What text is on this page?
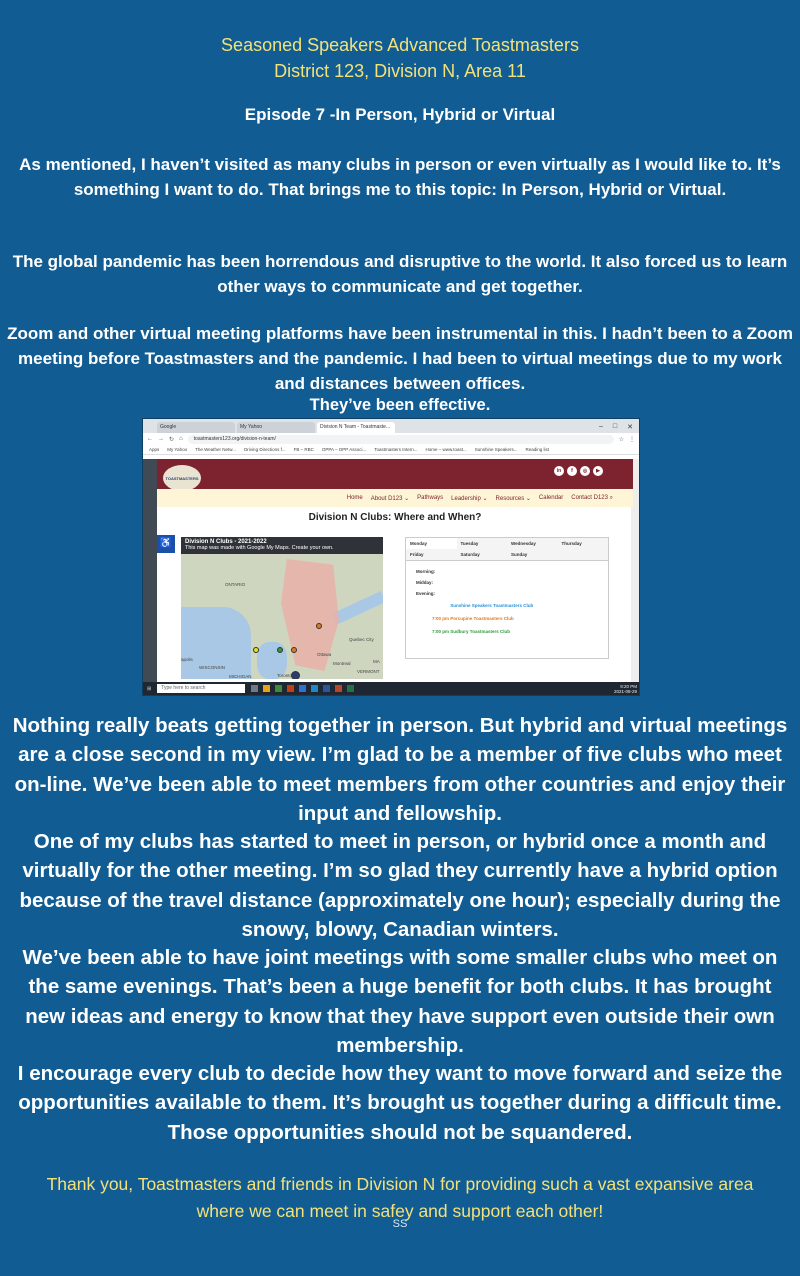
Seasoned Speakers Advanced Toastmasters
District 123, Division N, Area 11
Episode 7 -In Person, Hybrid or Virtual
As mentioned, I haven’t visited as many clubs in person or even virtually as I would like to. It’s something I want to do. That brings me to this topic: In Person, Hybrid or Virtual.
The global pandemic has been horrendous and disruptive to the world. It also forced us to learn other ways to communicate and get together.
Zoom and other virtual meeting platforms have been instrumental in this. I hadn’t been to a Zoom meeting before Toastmasters and the pandemic. I had been to virtual meetings due to my work and distances between offices.
They’ve been effective.
Google	My Yahoo	Division N Team - Toastmaste...	– □ ✕
← → ↻ ⌂	toastmasters123.org/division-n-team/	☆ ⋮
Apps My Yahoo The Weather Netw... Driving Directions f... FB – RBC OPPA – OPP Associ... Toastmasters Intern... Home – www.toast... Sunshine Speakers... Reading list
TOASTMASTERS
in	f	◎	▶
Home About D123 ⌄ Pathways Leadership ⌄ Resources ⌄ Calendar Contact D123 ⌕
Division N Clubs: Where and When?
♿	Division N Clubs - 2021-2022
This map was made with Google My Maps. Create your own.
ONTARIO
Quebec City
Ottawa
Montreal
Toronto
WISCONSIN
MICHIGAN
VERMONT
apolis	MA
Monday	Tuesday	Wednesday	Thursday
Friday	Saturday	Sunday
Morning:
Midday:
Evening:
7:00 pm Sunshine Speakers Toastmasters Club
7:00 pm Porcupine Toastmasters Club
7:00 pm Sudbury Toastmasters Club
⊞	Type here to search	9:20 PM
2021-08-29
Nothing really beats getting together in person. But hybrid and virtual meetings are a close second in my view. I’m glad to be a member of five clubs who meet on-line. We’ve been able to meet members from other countries and enjoy their input and fellowship.
One of my clubs has started to meet in person, or hybrid once a month and virtually for the other meeting. I’m so glad they currently have a hybrid option because of the travel distance (approximately one hour); especially during the snowy, blowy, Canadian winters.
We’ve been able to have joint meetings with some smaller clubs who meet on the same evenings. That’s been a huge benefit for both clubs. It has brought new ideas and energy to know that they have support even outside their own membership.
I encourage every club to decide how they want to move forward and seize the opportunities available to them. It’s brought us together during a difficult time. Those opportunities should not be squandered.
Thank you, Toastmasters and friends in Division N for providing such a vast expansive area where we can meet in safey and support each other!
SS
